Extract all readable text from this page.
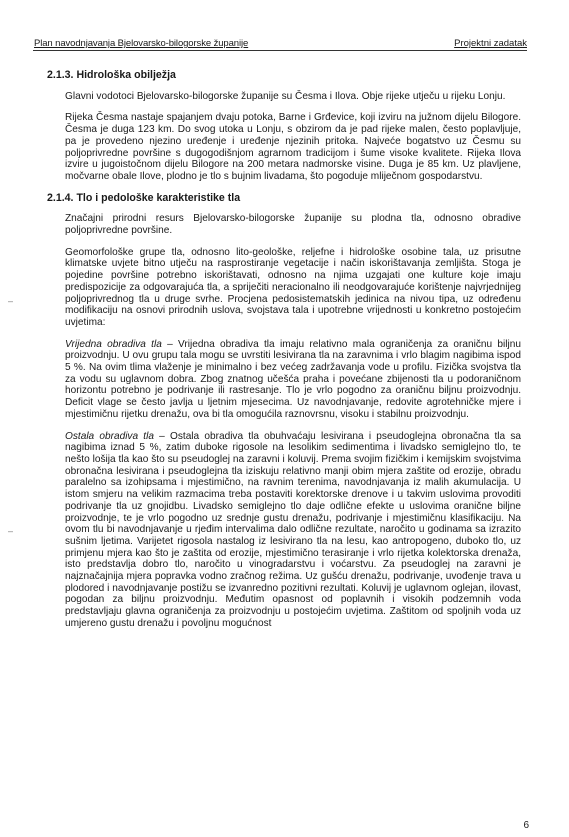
Plan navodnjavanja Bjelovarsko-bilogorske županije	Projektni zadatak
–
–
2.1.3. Hidrološka obilježja

Glavni vodotoci Bjelovarsko-bilogorske županije su Česma i Ilova. Obje rijeke utječu u rijeku Lonju.

Rijeka Česma nastaje spajanjem dvaju potoka, Barne i Grđevice, koji izviru na južnom dijelu Bilogore. Česma je duga 123 km. Do svog utoka u Lonju, s obzirom da je pad rijeke malen, često poplavljuje, pa je provedeno njezino uređenje i uređenje njezinih pritoka. Najveće bogatstvo uz Česmu su poljoprivredne površine s dugogodišnjom agrarnom tradicijom i šume visoke kvalitete. Rijeka Ilova izvire u jugoistočnom dijelu Bilogore na 200 metara nadmorske visine. Duga je 85 km. Uz plavljene, močvarne obale Ilove, plodno je tlo s bujnim livadama, što pogoduje mliječnom gospodarstvu.

2.1.4. Tlo i pedološke karakteristike tla

Značajni prirodni resurs Bjelovarsko-bilogorske županije su plodna tla, odnosno obradive poljoprivredne površine.

Geomorfološke grupe tla, odnosno lito-geološke, reljefne i hidrološke osobine tala, uz prisutne klimatske uvjete bitno utječu na rasprostiranje vegetacije i način iskorištavanja zemljišta. Stoga je pojedine površine potrebno iskorištavati, odnosno na njima uzgajati one kulture koje imaju predispozicije za odgovarajuća tla, a spriječiti neracionalno ili neodgovarajuće korištenje najvrjednijeg poljoprivrednog tla u druge svrhe. Procjena pedosistematskih jedinica na nivou tipa, uz određenu modifikaciju na osnovi prirodnih uslova, svojstava tala i upotrebne vrijednosti u konkretno postojećim uvjetima:

Vrijedna obradiva tla – Vrijedna obradiva tla imaju relativno mala ograničenja za oraničnu biljnu proizvodnju. U ovu grupu tala mogu se uvrstiti lesivirana tla na zaravnima i vrlo blagim nagibima ispod 5 %. Na ovim tlima vlaženje je minimalno i bez većeg zadržavanja vode u profilu. Fizička svojstva tla za vodu su uglavnom dobra. Zbog znatnog učešća praha i povećane zbijenosti tla u podoraničnom horizontu potrebno je podrivanje ili rastresanje. Tlo je vrlo pogodno za oraničnu biljnu proizvodnju. Deficit vlage se često javlja u ljetnim mjesecima. Uz navodnjavanje, redovite agrotehničke mjere i mjestimičnu rijetku drenažu, ova bi tla omogućila raznovrsnu, visoku i stabilnu proizvodnju.

Ostala obradiva tla – Ostala obradiva tla obuhvaćaju lesivirana i pseudoglejna obronačna tla sa nagibima iznad 5 %, zatim duboke rigosole na lesolikim sedimentima i livadsko semiglejno tlo, te nešto lošija tla kao što su pseudoglej na zaravni i koluvij. Prema svojim fizičkim i kemijskim svojstvima obronačna lesivirana i pseudoglejna tla iziskuju relativno manji obim mjera zaštite od erozije, obradu paralelno sa izohipsama i mjestimično, na ravnim terenima, navodnjavanja iz malih akumulacija. U istom smjeru na velikim razmacima treba postaviti korektorske drenove i u takvim uslovima provoditi podrivanje tla uz gnojidbu. Livadsko semiglejno tlo daje odlične efekte u uslovima oranične biljne proizvodnje, te je vrlo pogodno uz srednje gustu drenažu, podrivanje i mjestimičnu klasifikaciju. Na ovom tlu bi navodnjavanje u rjeđim intervalima dalo odlične rezultate, naročito u godinama sa izrazito sušnim ljetima. Varijetet rigosola nastalog iz lesivirano tla na lesu, kao antropogeno, duboko tlo, uz primjenu mjera kao što je zaštita od erozije, mjestimično terasiranje i vrlo rijetka kolektorska drenaža, isto predstavlja dobro tlo, naročito u vinogradarstvu i voćarstvu. Za pseudoglej na zaravni je najznačajnija mjera popravka vodno zračnog režima. Uz gušću drenažu, podrivanje, uvođenje trava u plodored i navodnjavanje postižu se izvanredno pozitivni rezultati. Koluvij je uglavnom oglejan, ilovast, pogodan za biljnu proizvodnju. Međutim opasnost od poplavnih i visokih podzemnih voda predstavljaju glavna ograničenja za proizvodnju u postojećim uvjetima. Zaštitom od spoljnih voda uz umjereno gustu drenažu i povoljnu mogućnost

6
